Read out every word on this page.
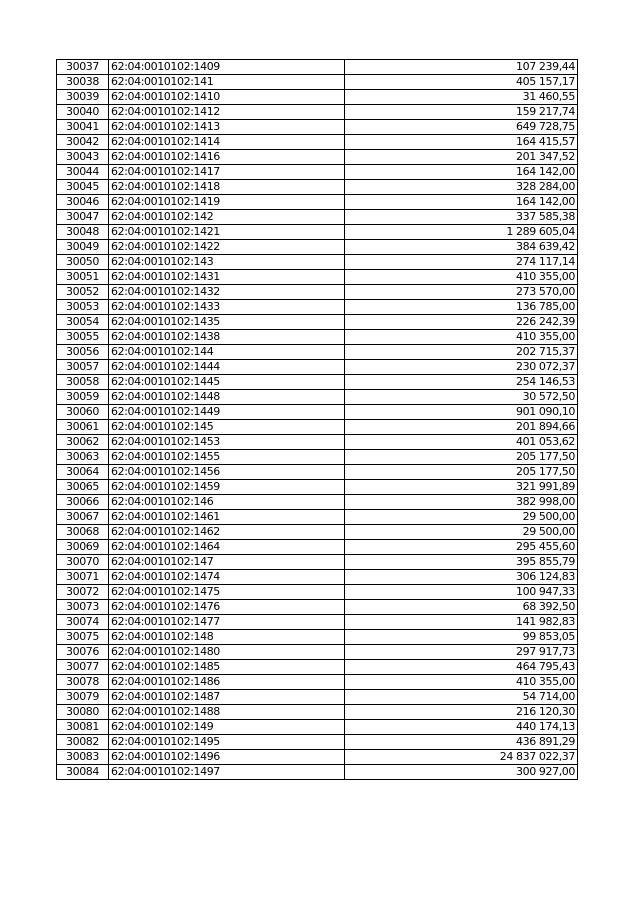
30037	62:04:0010102:1409	107 239,44
30038	62:04:0010102:141	405 157,17
30039	62:04:0010102:1410	31 460,55
30040	62:04:0010102:1412	159 217,74
30041	62:04:0010102:1413	649 728,75
30042	62:04:0010102:1414	164 415,57
30043	62:04:0010102:1416	201 347,52
30044	62:04:0010102:1417	164 142,00
30045	62:04:0010102:1418	328 284,00
30046	62:04:0010102:1419	164 142,00
30047	62:04:0010102:142	337 585,38
30048	62:04:0010102:1421	1 289 605,04
30049	62:04:0010102:1422	384 639,42
30050	62:04:0010102:143	274 117,14
30051	62:04:0010102:1431	410 355,00
30052	62:04:0010102:1432	273 570,00
30053	62:04:0010102:1433	136 785,00
30054	62:04:0010102:1435	226 242,39
30055	62:04:0010102:1438	410 355,00
30056	62:04:0010102:144	202 715,37
30057	62:04:0010102:1444	230 072,37
30058	62:04:0010102:1445	254 146,53
30059	62:04:0010102:1448	30 572,50
30060	62:04:0010102:1449	901 090,10
30061	62:04:0010102:145	201 894,66
30062	62:04:0010102:1453	401 053,62
30063	62:04:0010102:1455	205 177,50
30064	62:04:0010102:1456	205 177,50
30065	62:04:0010102:1459	321 991,89
30066	62:04:0010102:146	382 998,00
30067	62:04:0010102:1461	29 500,00
30068	62:04:0010102:1462	29 500,00
30069	62:04:0010102:1464	295 455,60
30070	62:04:0010102:147	395 855,79
30071	62:04:0010102:1474	306 124,83
30072	62:04:0010102:1475	100 947,33
30073	62:04:0010102:1476	68 392,50
30074	62:04:0010102:1477	141 982,83
30075	62:04:0010102:148	99 853,05
30076	62:04:0010102:1480	297 917,73
30077	62:04:0010102:1485	464 795,43
30078	62:04:0010102:1486	410 355,00
30079	62:04:0010102:1487	54 714,00
30080	62:04:0010102:1488	216 120,30
30081	62:04:0010102:149	440 174,13
30082	62:04:0010102:1495	436 891,29
30083	62:04:0010102:1496	24 837 022,37
30084	62:04:0010102:1497	300 927,00
